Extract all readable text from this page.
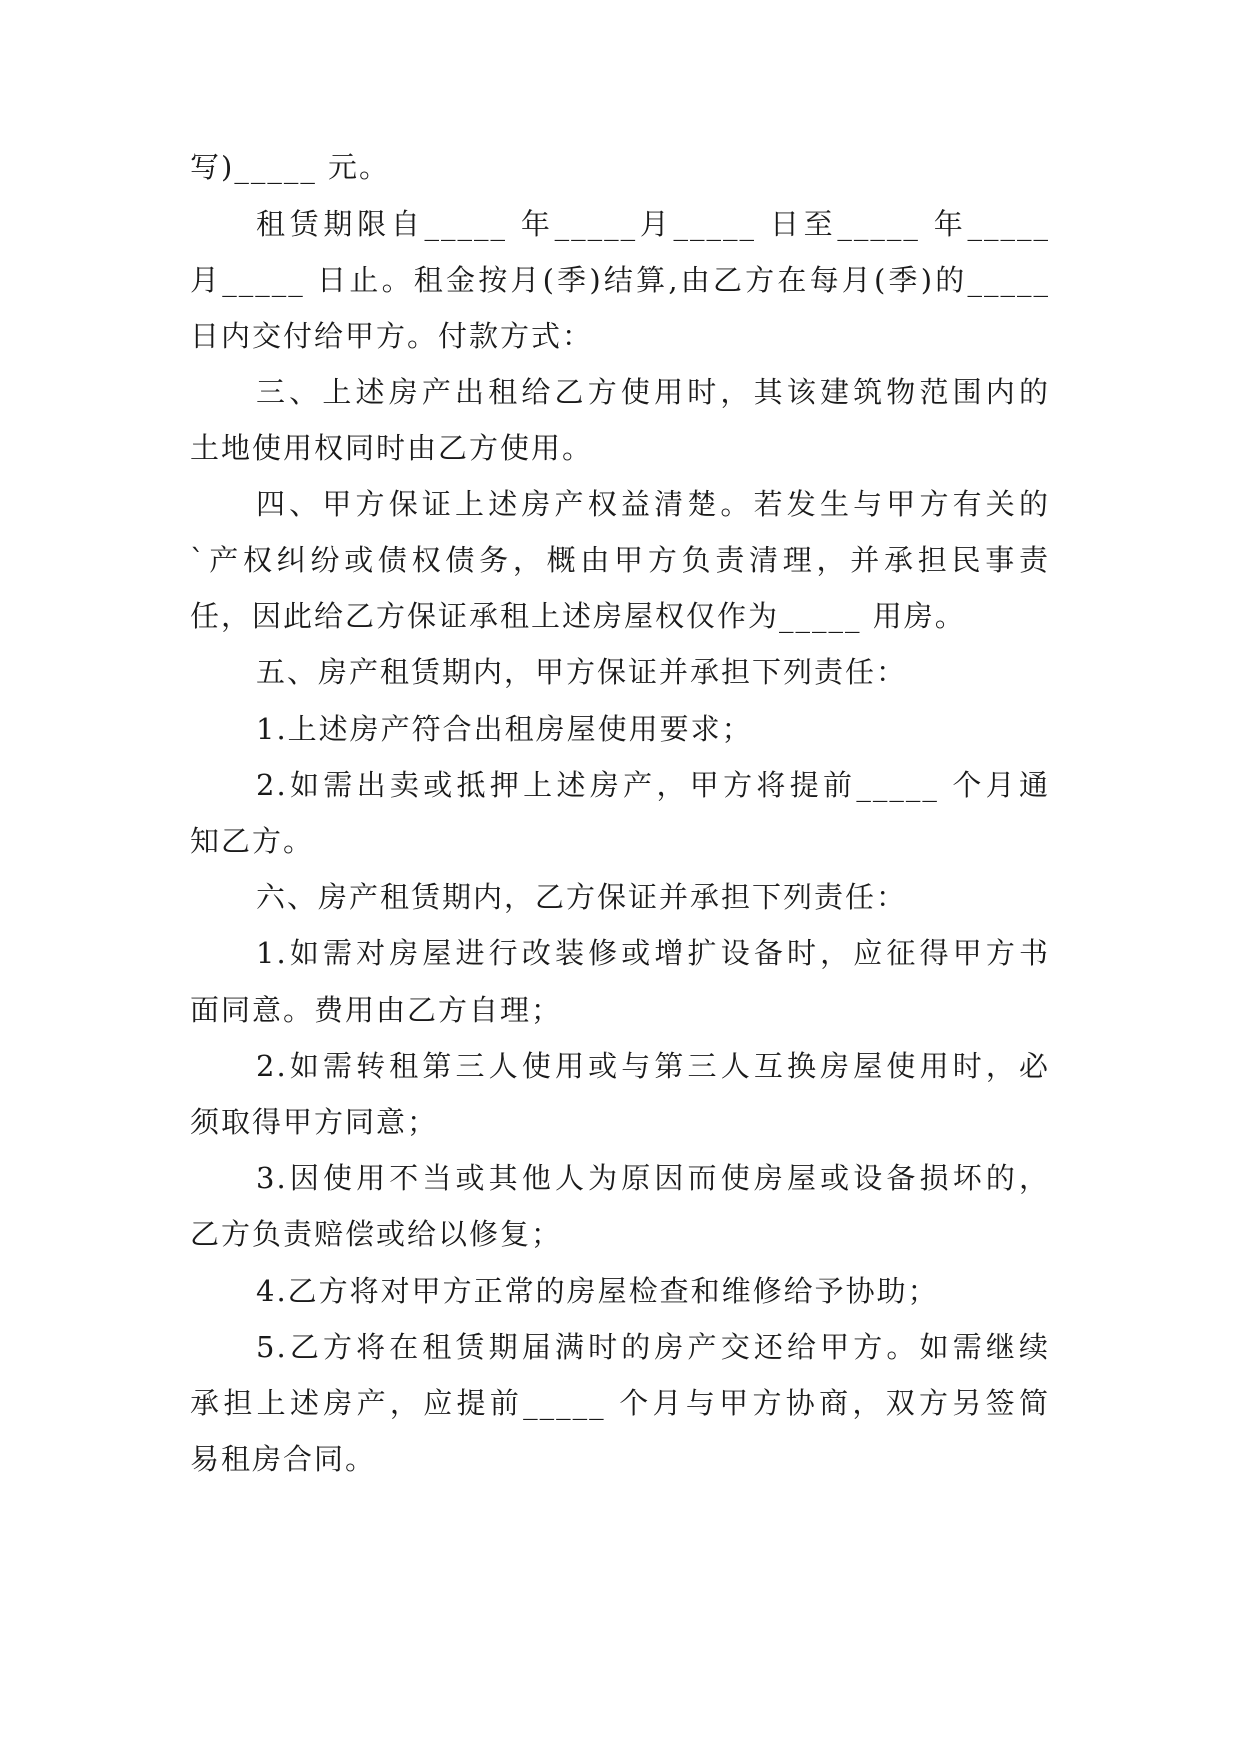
写)_____ 元。
租赁期限自_____ 年_____月_____ 日至_____ 年_____
月_____ 日止。租金按月(季)结算,由乙方在每月(季)的_____
日内交付给甲方。付款方式：
三、上述房产出租给乙方使用时，其该建筑物范围内的
土地使用权同时由乙方使用。
四、甲方保证上述房产权益清楚。若发生与甲方有关的
`产权纠纷或债权债务，概由甲方负责清理，并承担民事责
任，因此给乙方保证承租上述房屋权仅作为_____ 用房。
五、房产租赁期内，甲方保证并承担下列责任：
1.上述房产符合出租房屋使用要求；
2.如需出卖或抵押上述房产，甲方将提前_____ 个月通
知乙方。
六、房产租赁期内，乙方保证并承担下列责任：
1.如需对房屋进行改装修或增扩设备时，应征得甲方书
面同意。费用由乙方自理；
2.如需转租第三人使用或与第三人互换房屋使用时，必
须取得甲方同意；
3.因使用不当或其他人为原因而使房屋或设备损坏的，
乙方负责赔偿或给以修复；
4.乙方将对甲方正常的房屋检查和维修给予协助；
5.乙方将在租赁期届满时的房产交还给甲方。如需继续
承担上述房产，应提前_____ 个月与甲方协商，双方另签简
易租房合同。
